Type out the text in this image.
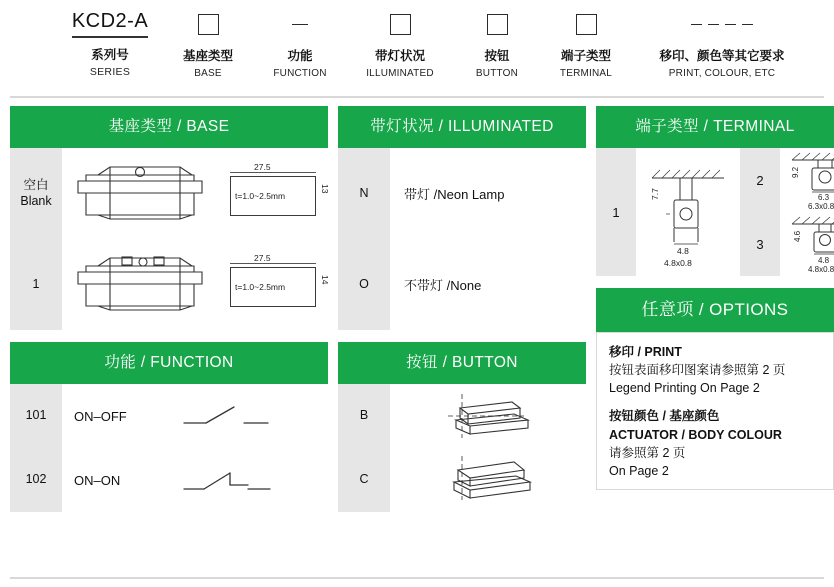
KCD2-A
系列号
SERIES
基座类型
BASE
功能
FUNCTION
带灯状况
ILLUMINATED
按钮
BUTTON
端子类型
TERMINAL
移印、颜色等其它要求
PRINT, COLOUR, ETC
基座类型 / BASE
空白
Blank
1
27.5
t=1.0~2.5mm
13
27.5
t=1.0~2.5mm
14
功能 / FUNCTION
101
102
ON–OFF
ON–ON
带灯状况 / ILLUMINATED
N
O
带灯 /Neon Lamp
不带灯 /None
按钮 / BUTTON
B
C
端子类型 / TERMINAL
1
7.7
4.8
4.8x0.8
2
9.2
6.3
6.3x0.8
3
4.6
4.8
4.8x0.8
任意项 / OPTIONS
移印 / PRINT
按钮表面移印图案请参照第 2 页
Legend Printing On Page 2
按钮颜色 / 基座颜色
ACTUATOR / BODY COLOUR
请参照第 2 页
On Page 2
